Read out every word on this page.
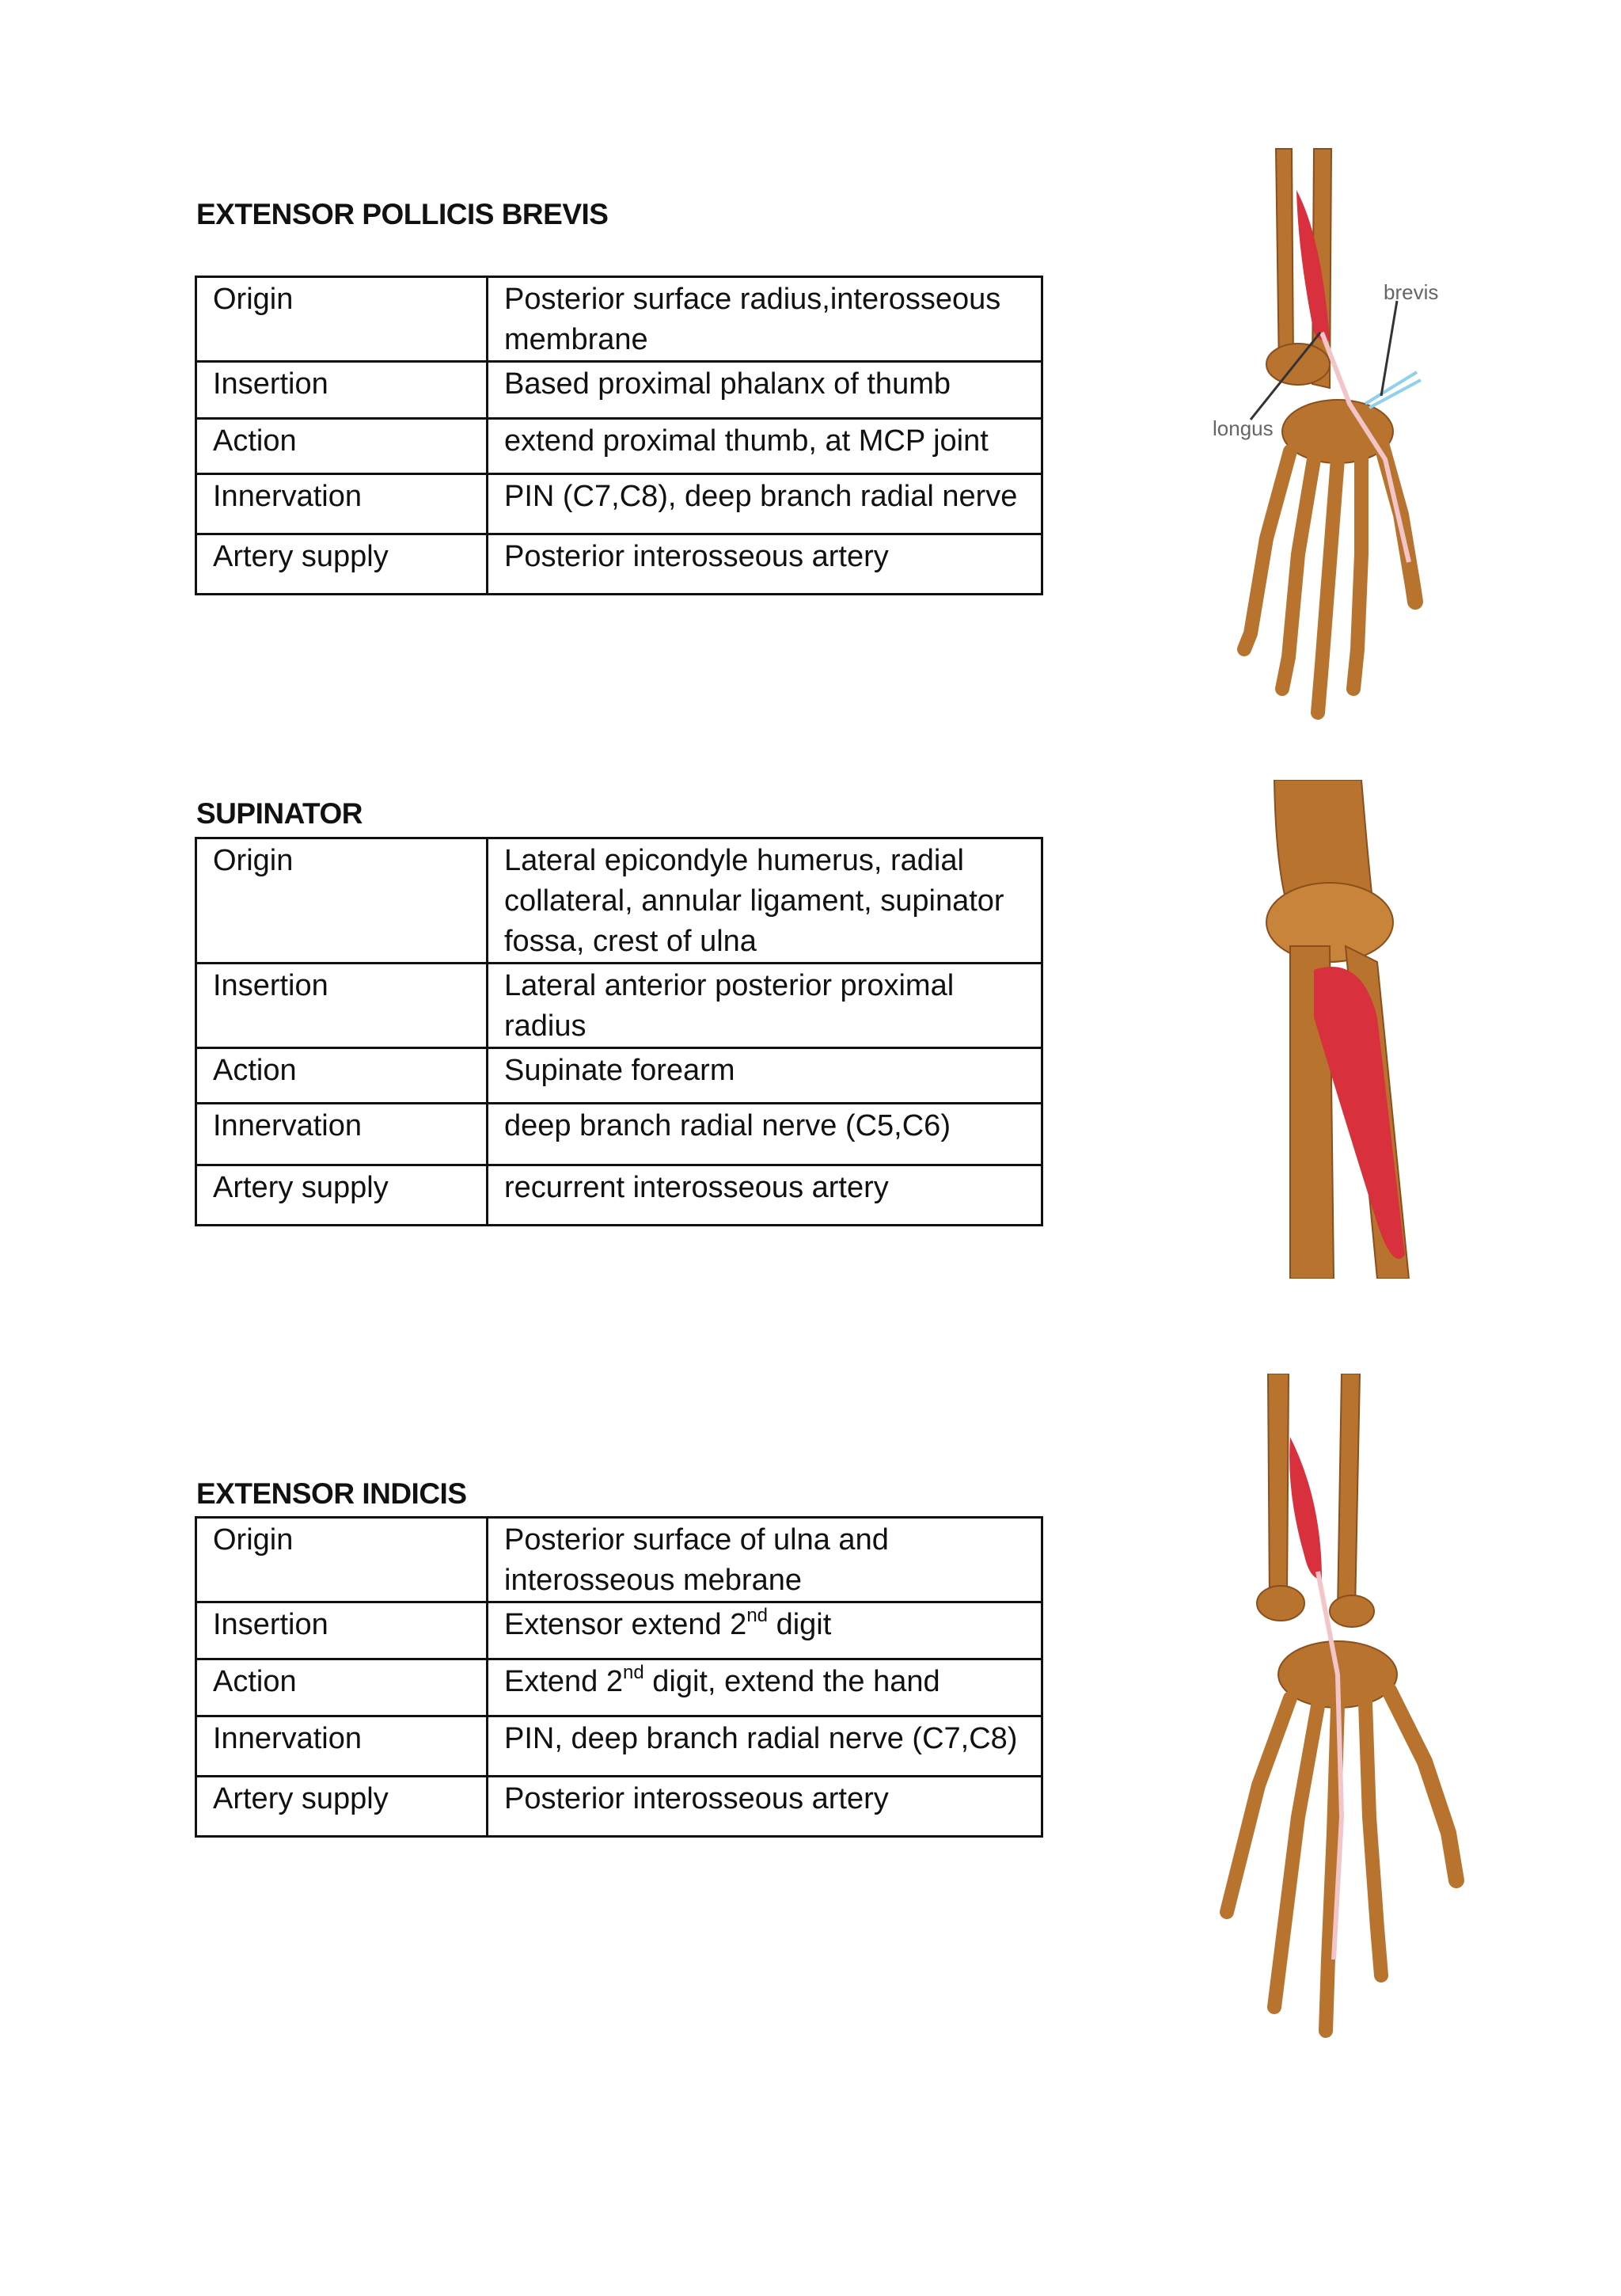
EXTENSOR POLLICIS BREVIS
Origin	Posterior surface radius,interosseous membrane
Insertion	Based proximal phalanx of thumb
Action	extend proximal thumb, at MCP joint
Innervation	PIN (C7,C8), deep branch radial nerve
Artery supply	Posterior interosseous artery
brevis
longus
SUPINATOR
Origin	Lateral epicondyle humerus, radial collateral, annular ligament, supinator fossa, crest of ulna
Insertion	Lateral anterior posterior proximal radius
Action	Supinate forearm
Innervation	deep branch radial nerve (C5,C6)
Artery supply	recurrent interosseous artery
EXTENSOR INDICIS
Origin	Posterior surface of ulna and interosseous mebrane
Insertion	Extensor extend 2nd digit
Action	Extend 2nd digit, extend the hand
Innervation	PIN, deep branch radial nerve (C7,C8)
Artery supply	Posterior interosseous artery
